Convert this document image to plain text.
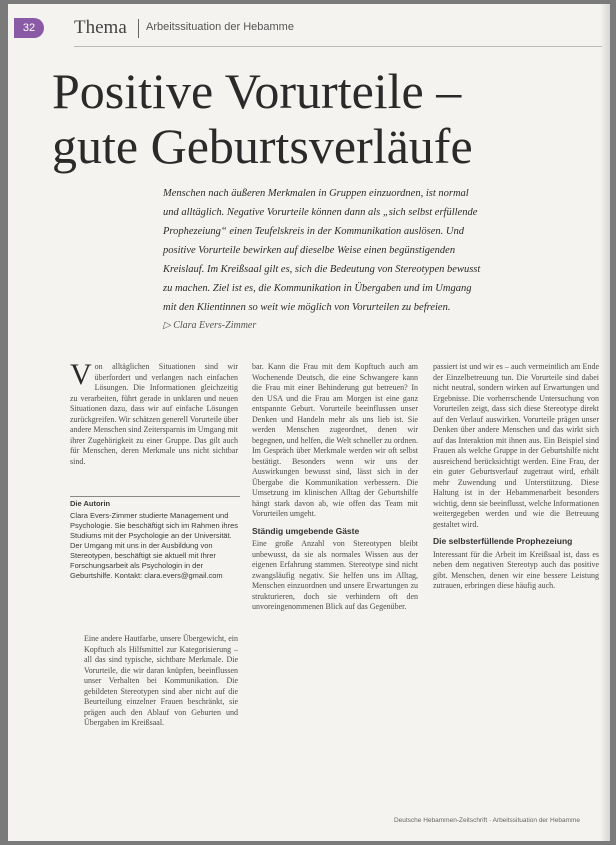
32	Thema Arbeitssituation der Hebamme
Positive Vorurteile –
gute Geburtsverläufe

Menschen nach äußeren Merkmalen in Gruppen einzuordnen, ist normal und alltäglich. Negative Vorurteile können dann als „sich selbst erfüllende Prophezeiung“ einen Teufelskreis in der Kommunikation auslösen. Und positive Vorurteile bewirken auf dieselbe Weise einen begünstigenden Kreislauf. Im Kreißsaal gilt es, sich die Bedeutung von Stereotypen bewusst zu machen. Ziel ist es, die Kommunikation in Übergaben und im Umgang mit den Klientinnen so weit wie möglich von Vorurteilen zu befreien.

▷ Clara Evers-Zimmer
V on alltäglichen Situationen sind wir überfordert und verlangen nach einfachen Lösungen. Die Informationen gleichzeitig zu verarbeiten, führt gerade in unklaren und neuen Situationen dazu, dass wir auf einfache Lösungen zurückgreifen. Wir schätzen generell Vorurteile über andere Menschen sind Zeitersparnis im Umgang mit ihrer Zugehörigkeit zu einer Gruppe. Das gilt auch für Menschen, deren Merkmale uns nicht sichtbar sind.

Die Autorin
Clara Evers-Zimmer studierte Management und Psychologie. Sie beschäftigt sich im Rahmen ihres Studiums mit der Psychologie an der Universität. Der Umgang mit uns in der Ausbildung von Stereotypen, beschäftigt sie aktuell mit Ihrer Forschungsarbeit als Psychologin in der Geburtshilfe. Kontakt: clara.evers@gmail.com

Eine andere Hautfarbe, unsere Übergewicht, ein Kopftuch als Hilfsmittel zur Kategorisierung – all das sind typische, sichtbare Merkmale. Die Vorurteile, die wir daran knüpfen, beeinflussen unser Verhalten bei Kommunikation. Die gebildeten Stereotypen sind aber nicht auf die Beurteilung einzelner Frauen beschränkt, sie prägen auch den Ablauf von Geburten und Übergaben im Kreißsaal.

bar. Kann die Frau mit dem Kopftuch auch am Wochenende Deutsch, die eine Schwangere kann die Frau mit einer Behinderung gut betreuen? In den USA und die Frau am Morgen ist eine ganz entspannte Geburt. Vorurteile beeinflussen unser Denken und Handeln mehr als uns lieb ist. Sie werden Menschen zugeordnet, denen wir begegnen, und helfen, die Welt schneller zu ordnen. Im Gespräch über Merkmale werden wir oft selbst bestätigt. Besonders wenn wir uns der Auswirkungen bewusst sind, lässt sich in der Übergabe die Kommunikation verbessern. Die Umsetzung im klinischen Alltag der Geburtshilfe hängt stark davon ab, wie offen das Team mit Vorurteilen umgeht.

Ständig umgebende Gäste

Eine große Anzahl von Stereotypen bleibt unbewusst, da sie als normales Wissen aus der eigenen Erfahrung stammen. Stereotype sind nicht zwangsläufig negativ. Sie helfen uns im Alltag, Menschen einzuordnen und unsere Erwartungen zu strukturieren, doch sie verhindern oft den unvoreingenommenen Blick auf das Gegenüber.

passiert ist und wir es – auch vermeintlich am Ende der Einzelbetreuung tun. Die Vorurteile sind dabei nicht neutral, sondern wirken auf Erwartungen und Ergebnisse. Die vorherrschende Untersuchung von Vorurteilen zeigt, dass sich diese Stereotype direkt auf den Verlauf auswirken. Vorurteile prägen unser Denken über andere Menschen und das wirkt sich auf das Interaktion mit ihnen aus. Ein Beispiel sind Frauen als welche Gruppe in der Geburtshilfe nicht ausreichend berücksichtigt werden. Eine Frau, der ein guter Geburtsverlauf zugetraut wird, erhält mehr Zuwendung und Unterstützung. Diese Haltung ist in der Hebammenarbeit besonders wichtig, denn sie beeinflusst, welche Informationen weitergegeben werden und wie die Betreuung gestaltet wird.

Die selbsterfüllende Prophezeiung

Interessant für die Arbeit im Kreißsaal ist, dass es neben dem negativen Stereotyp auch das positive gibt. Menschen, denen wir eine bessere Leistung zutrauen, erbringen diese häufig auch.

Deutsche Hebammen-Zeitschrift · Arbeitssituation der Hebamme
